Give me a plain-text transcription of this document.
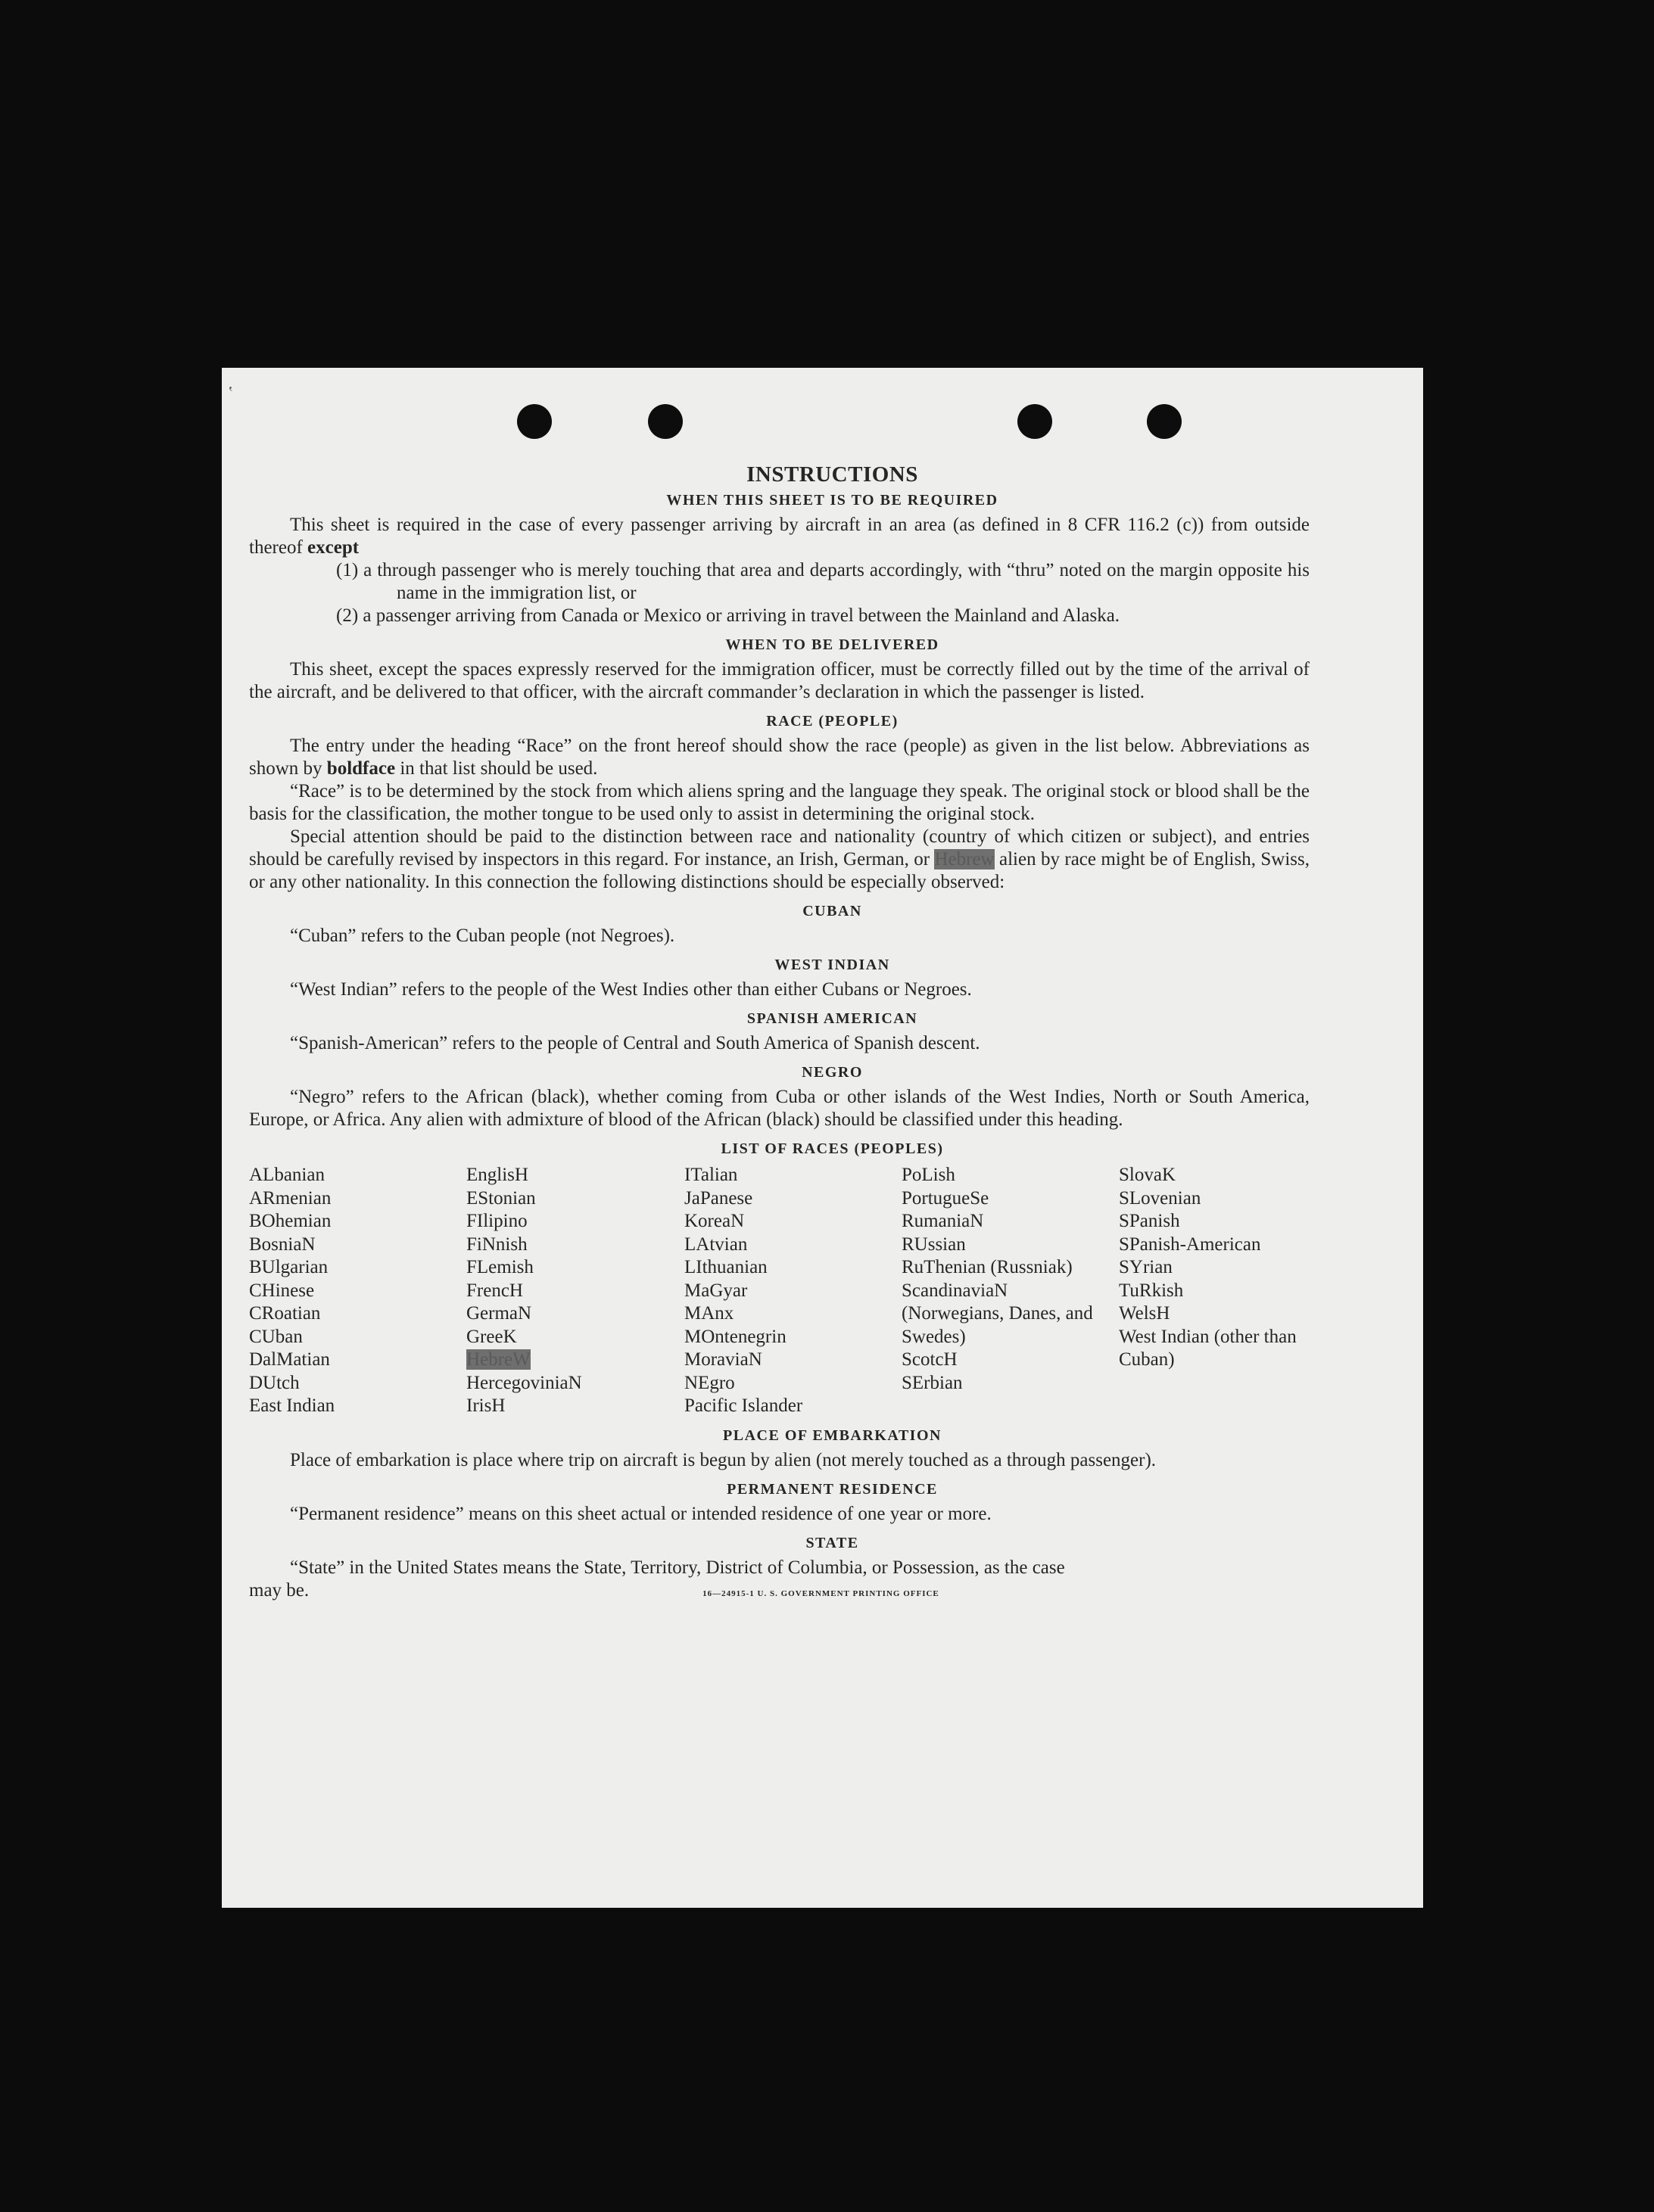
ʽ
INSTRUCTIONS
WHEN THIS SHEET IS TO BE REQUIRED

This sheet is required in the case of every passenger arriving by aircraft in an area (as defined in 8 CFR 116.2 (c)) from outside thereof except

(1) a through passenger who is merely touching that area and departs accordingly, with “thru” noted on the margin opposite his name in the immigration list, or
(2) a passenger arriving from Canada or Mexico or arriving in travel between the Mainland and Alaska.
WHEN TO BE DELIVERED

This sheet, except the spaces expressly reserved for the immigration officer, must be correctly filled out by the time of the arrival of the aircraft, and be delivered to that officer, with the aircraft commander’s declaration in which the passenger is listed.

RACE (PEOPLE)

The entry under the heading “Race” on the front hereof should show the race (people) as given in the list below. Abbreviations as shown by boldface in that list should be used.

“Race” is to be determined by the stock from which aliens spring and the language they speak. The original stock or blood shall be the basis for the classification, the mother tongue to be used only to assist in determining the original stock.

Special attention should be paid to the distinction between race and nationality (country of which citizen or subject), and entries should be carefully revised by inspectors in this regard. For instance, an Irish, German, or Hebrew alien by race might be of English, Swiss, or any other nationality. In this connection the following distinctions should be especially observed:

CUBAN

“Cuban” refers to the Cuban people (not Negroes).

WEST INDIAN

“West Indian” refers to the people of the West Indies other than either Cubans or Negroes.

SPANISH AMERICAN

“Spanish-American” refers to the people of Central and South America of Spanish descent.

NEGRO

“Negro” refers to the African (black), whether coming from Cuba or other islands of the West Indies, North or South America, Europe, or Africa. Any alien with admixture of blood of the African (black) should be classified under this heading.

LIST OF RACES (PEOPLES)
ALbanian
ARmenian
BOhemian
BosniaN
BUlgarian
CHinese
CRoatian
CUban
DalMatian
DUtch
East Indian
EnglisH
EStonian
FIlipino
FiNnish
FLemish
FrencH
GermaN
GreeK
HebreW
HercegoviniaN
IrisH
ITalian
JaPanese
KoreaN
LAtvian
LIthuanian
MaGyar
MAnx
MOntenegrin
MoraviaN
NEgro
Pacific Islander
PoLish
PortugueSe
RumaniaN
RUssian
RuThenian (Russniak)
ScandinaviaN (Norwegians, Danes, and Swedes)
ScotcH
SErbian
SlovaK
SLovenian
SPanish
SPanish-American
SYrian
TuRkish
WelsH
West Indian (other than Cuban)
PLACE OF EMBARKATION

Place of embarkation is place where trip on aircraft is begun by alien (not merely touched as a through passenger).

PERMANENT RESIDENCE

“Permanent residence” means on this sheet actual or intended residence of one year or more.

STATE

“State” in the United States means the State, Territory, District of Columbia, or Possession, as the case

may be.	16—24915-1 U. S. GOVERNMENT PRINTING OFFICE
